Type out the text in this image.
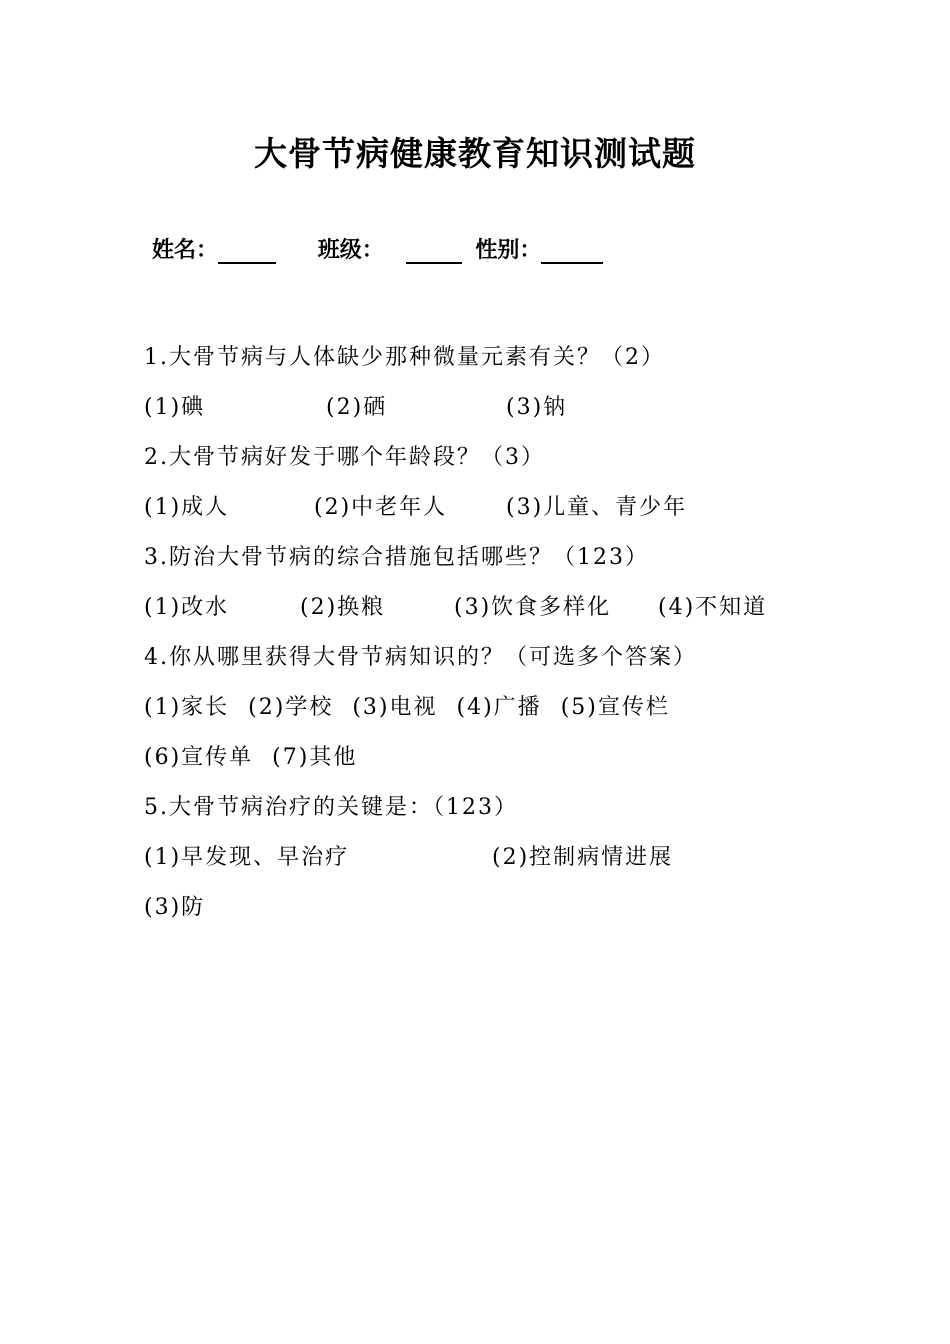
大骨节病健康教育知识测试题
姓名：	班级：	性别：
1.大骨节病与人体缺少那种微量元素有关？（2）
(1)碘	(2)硒	(3)钠
2.大骨节病好发于哪个年龄段？（3）
(1)成人	(2)中老年人	(3)儿童、青少年
3.防治大骨节病的综合措施包括哪些？（123）
(1)改水	(2)换粮	(3)饮食多样化	(4)不知道
4.你从哪里获得大骨节病知识的？（可选多个答案）
(1)家长 (2)学校 (3)电视 (4)广播 (5)宣传栏 (6)宣传单 (7)其他
5.大骨节病治疗的关键是：（123）
(1)早发现、早治疗	(2)控制病情进展
(3)防
